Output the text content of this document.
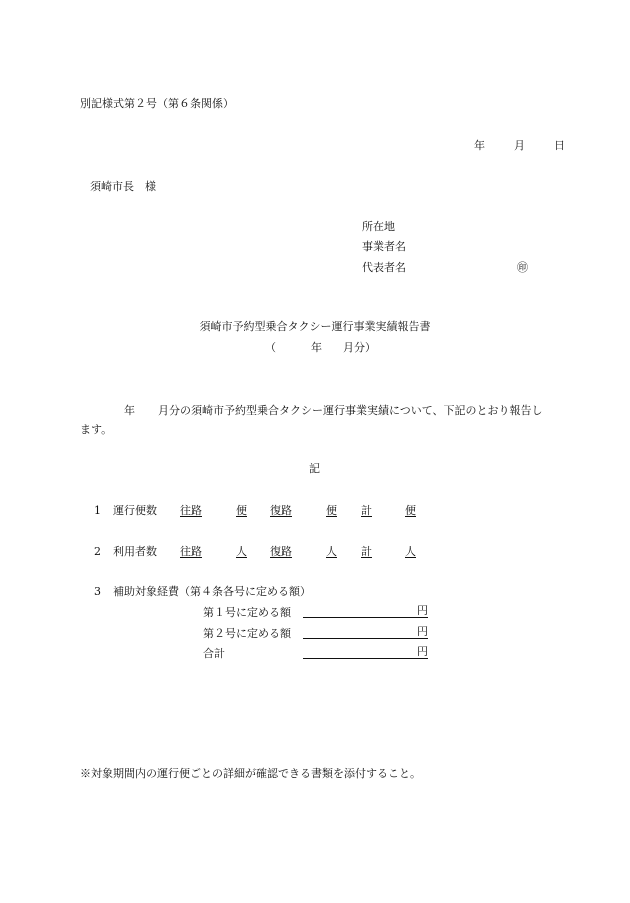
別記様式第２号（第６条関係）
年	月	日
須崎市長　様
所在地
事業者名
代表者名	㊞
須崎市予約型乗合タクシー運行事業実績報告書
（	年 月分）
年 月分の須崎市予約型乗合タクシー運行事業実績について、下記のとおり報告し
ます。
記
1 運行便数 往路	便 復路	便 計	便
2 利用者数 往路	人 復路	人 計	人
3 補助対象経費（第４条各号に定める額）
第１号に定める額	円
第２号に定める額	円
合計	円
※対象期間内の運行便ごとの詳細が確認できる書類を添付すること。
